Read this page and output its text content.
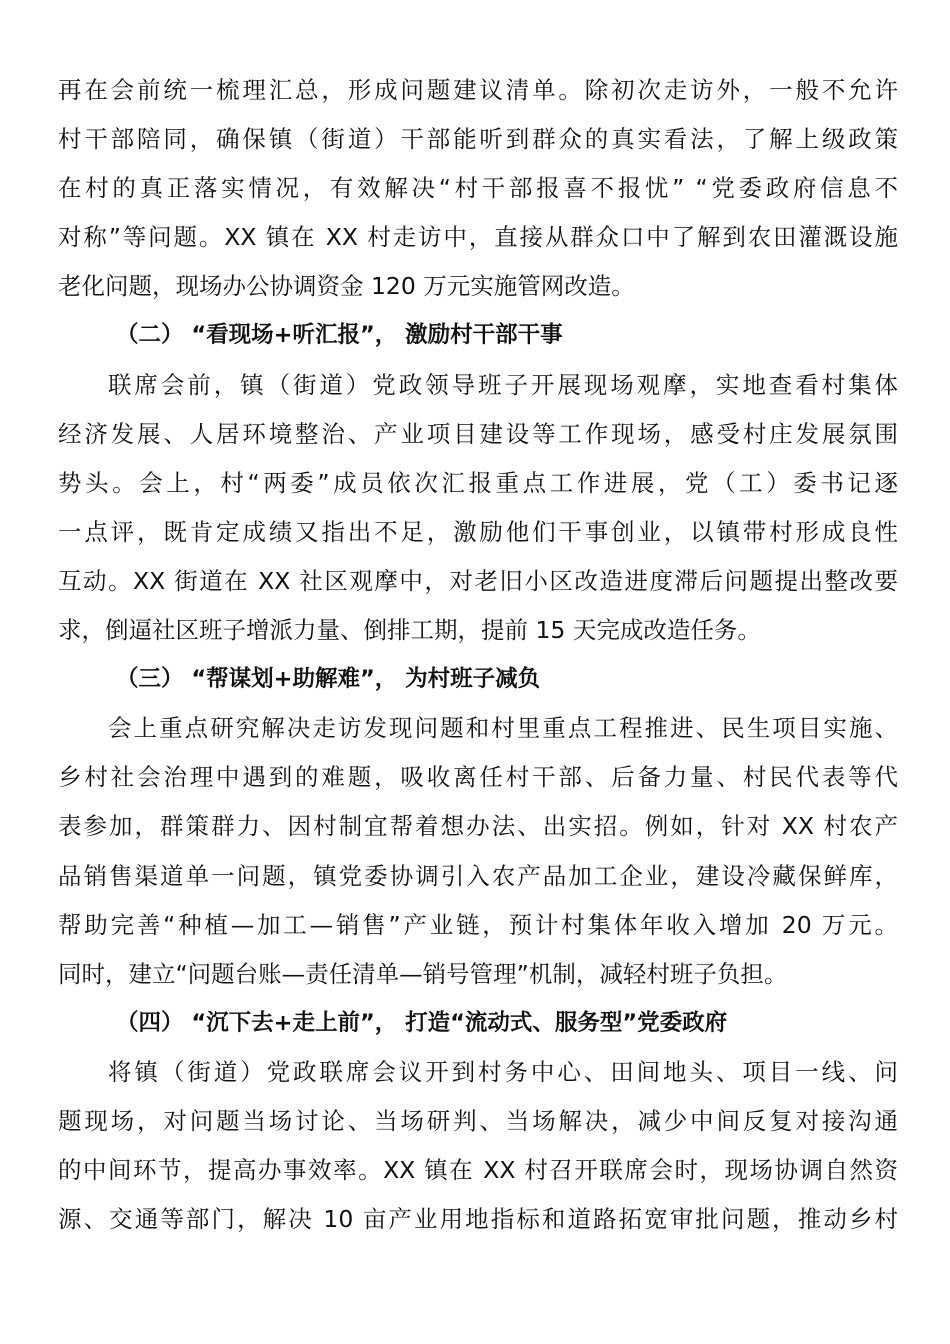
再在会前统一梳理汇总，形成问题建议清单。除初次走访外，一般不允许
村干部陪同，确保镇（街道）干部能听到群众的真实看法，了解上级政策
在村的真正落实情况，有效解决“村干部报喜不报忧” “党委政府信息不
对称”等问题。XX 镇在 XX 村走访中，直接从群众口中了解到农田灌溉设施
老化问题，现场办公协调资金 120 万元实施管网改造。
（二） “看现场+听汇报”， 激励村干部干事
联席会前，镇（街道）党政领导班子开展现场观摩，实地查看村集体
经济发展、人居环境整治、产业项目建设等工作现场，感受村庄发展氛围
势头。会上，村“两委”成员依次汇报重点工作进展，党（工）委书记逐
一点评，既肯定成绩又指出不足，激励他们干事创业，以镇带村形成良性
互动。XX 街道在 XX 社区观摩中，对老旧小区改造进度滞后问题提出整改要
求，倒逼社区班子增派力量、倒排工期，提前 15 天完成改造任务。
（三） “帮谋划+助解难”， 为村班子减负
会上重点研究解决走访发现问题和村里重点工程推进、民生项目实施、
乡村社会治理中遇到的难题，吸收离任村干部、后备力量、村民代表等代
表参加，群策群力、因村制宜帮着想办法、出实招。例如，针对 XX 村农产
品销售渠道单一问题，镇党委协调引入农产品加工企业，建设冷藏保鲜库，
帮助完善“种植—加工—销售”产业链，预计村集体年收入增加 20 万元。
同时，建立“问题台账—责任清单—销号管理”机制，减轻村班子负担。
（四） “沉下去+走上前”， 打造“流动式、服务型”党委政府
将镇（街道）党政联席会议开到村务中心、田间地头、项目一线、问
题现场，对问题当场讨论、当场研判、当场解决，减少中间反复对接沟通
的中间环节，提高办事效率。XX 镇在 XX 村召开联席会时，现场协调自然资
源、交通等部门，解决 10 亩产业用地指标和道路拓宽审批问题，推动乡村
